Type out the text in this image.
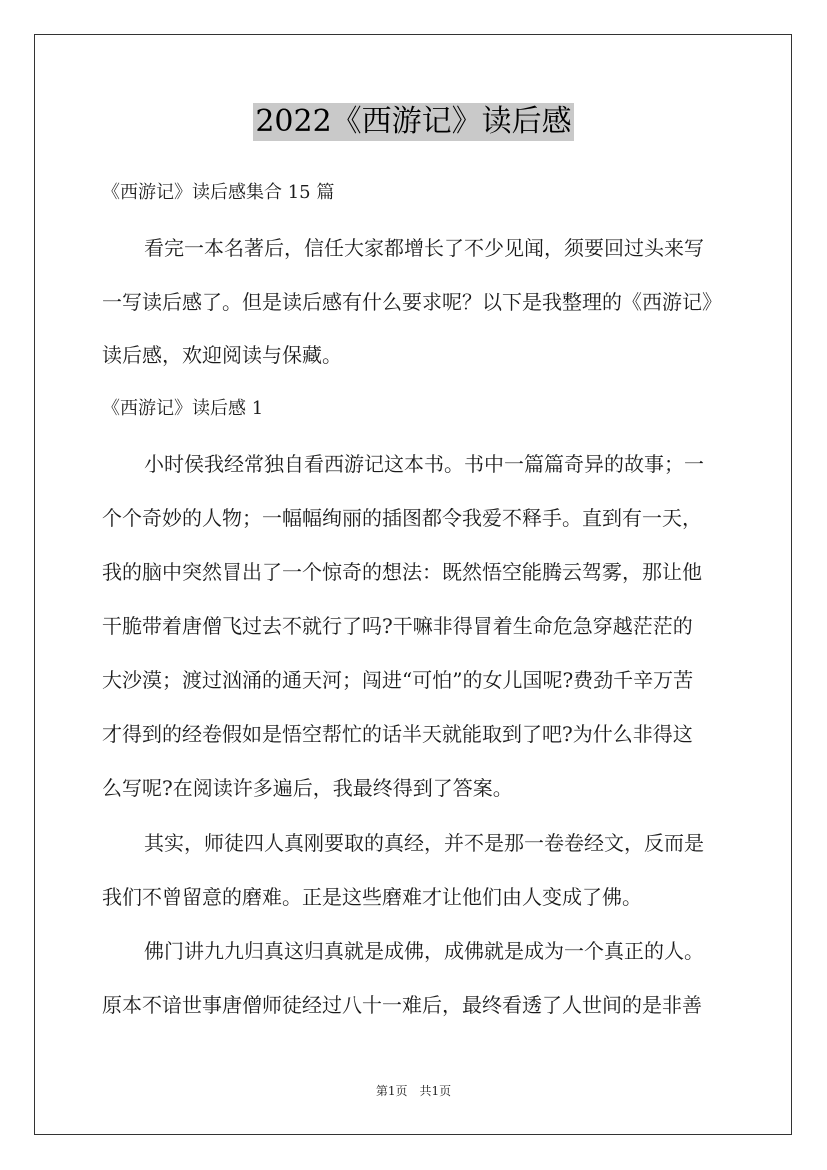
2022《西游记》读后感
《西游记》读后感集合 15 篇
看完一本名著后，信任大家都增长了不少见闻，须要回过头来写
一写读后感了。但是读后感有什么要求呢？以下是我整理的《西游记》
读后感，欢迎阅读与保藏。
《西游记》读后感 1
小时侯我经常独自看西游记这本书。书中一篇篇奇异的故事；一
个个奇妙的人物；一幅幅绚丽的插图都令我爱不释手。直到有一天，
我的脑中突然冒出了一个惊奇的想法：既然悟空能腾云驾雾，那让他
干脆带着唐僧飞过去不就行了吗?干嘛非得冒着生命危急穿越茫茫的
大沙漠；渡过汹涌的通天河；闯进“可怕”的女儿国呢?费劲千辛万苦
才得到的经卷假如是悟空帮忙的话半天就能取到了吧?为什么非得这
么写呢?在阅读许多遍后，我最终得到了答案。
其实，师徒四人真刚要取的真经，并不是那一卷卷经文，反而是
我们不曾留意的磨难。正是这些磨难才让他们由人变成了佛。
佛门讲九九归真这归真就是成佛，成佛就是成为一个真正的人。
原本不谙世事唐僧师徒经过八十一难后，最终看透了人世间的是非善
第1页　共1页
